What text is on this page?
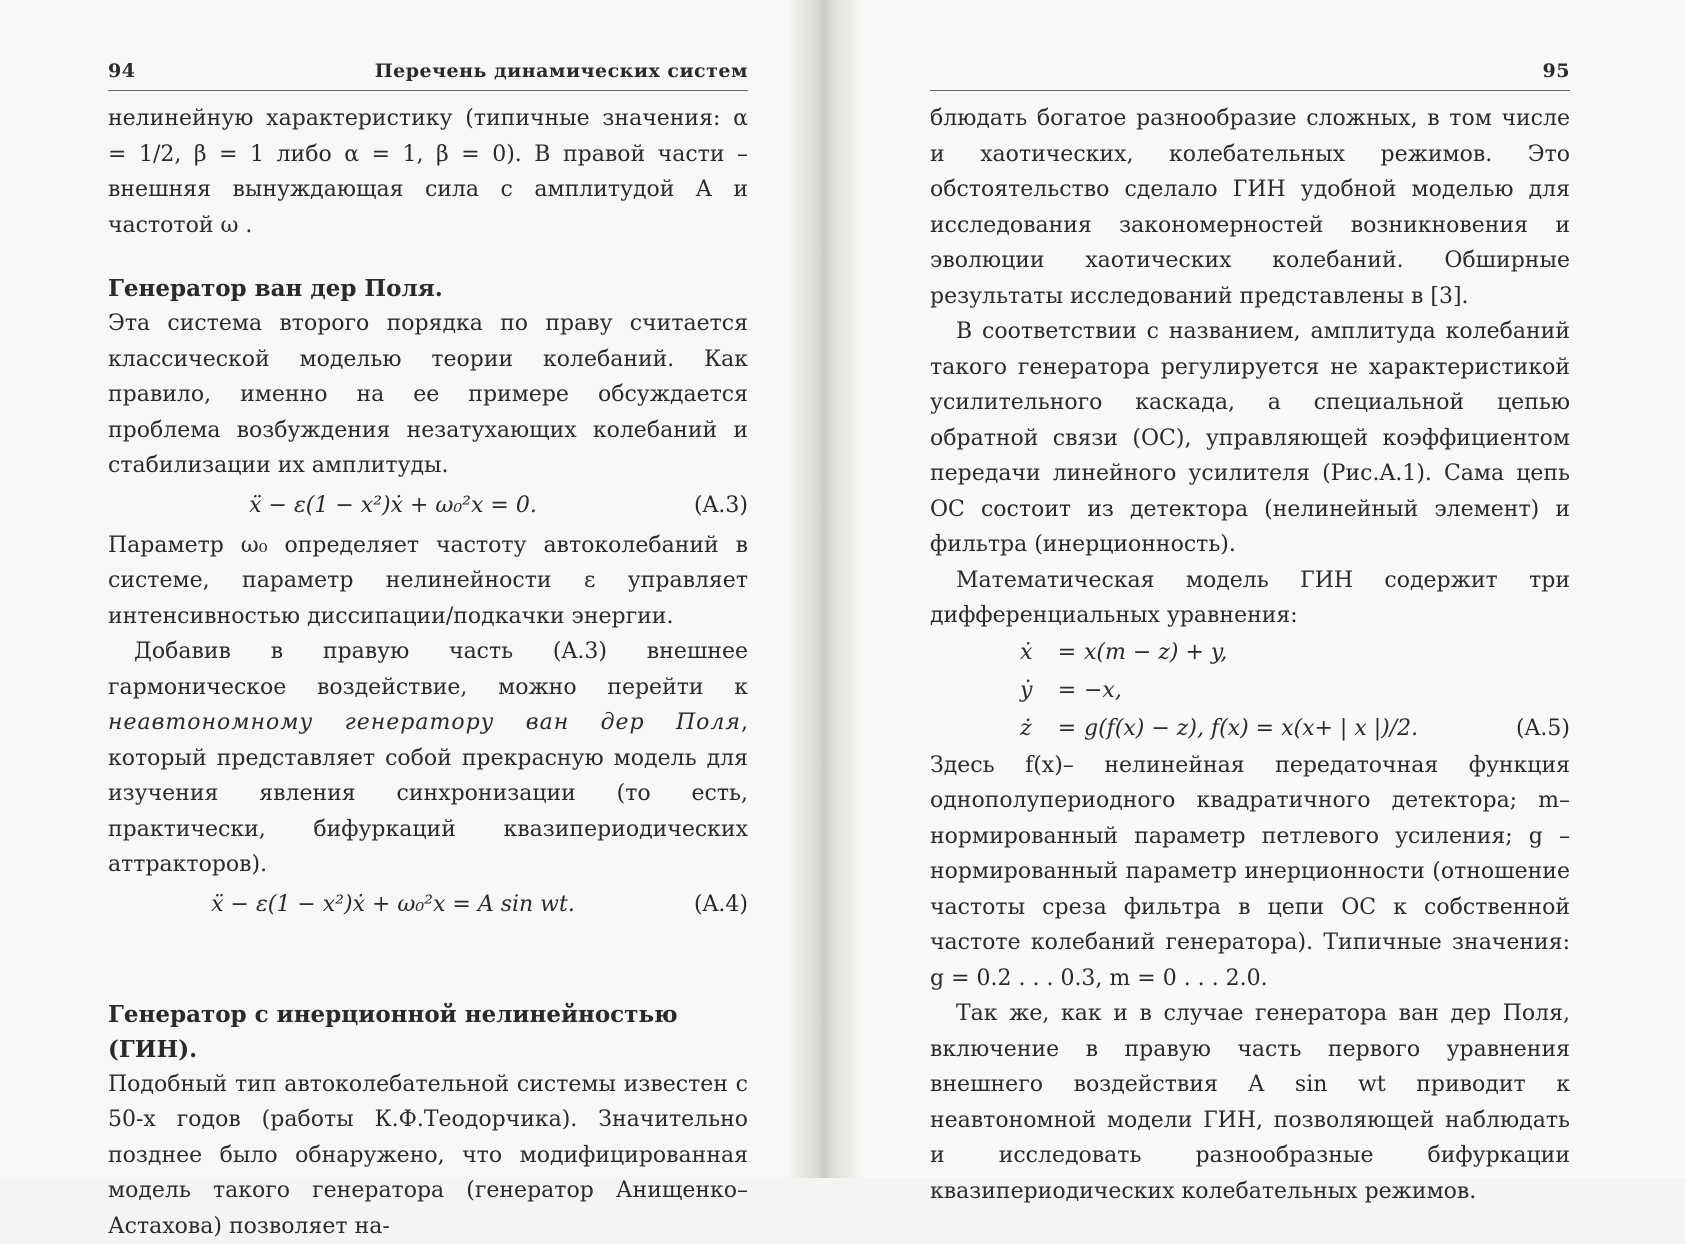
94	Перечень динамических систем

нелинейную характеристику (типичные значения: α = 1/2, β = 1 либо α = 1, β = 0). В правой части – внешняя вынуждающая сила с амплитудой A и частотой ω .

Генератор ван дер Поля.

Эта система второго порядка по праву считается классической моделью теории колебаний. Как правило, именно на ее примере обсуждается проблема возбуждения незатухающих колебаний и стабилизации их амплитуды.

ẍ − ε(1 − x²)ẋ + ω₀²x = 0.	(A.3)

Параметр ω₀ определяет частоту автоколебаний в системе, параметр нелинейности ε управляет интенсивностью диссипации/подкачки энергии.

Добавив в правую часть (A.3) внешнее гармоническое воздействие, можно перейти к неавтономному генератору ван дер Поля, который представляет собой прекрасную модель для изучения явления синхронизации (то есть, практически, бифуркаций квазипериодических аттракторов).

ẍ − ε(1 − x²)ẋ + ω₀²x = A sin wt.	(A.4)
Генератор с инерционной нелинейностью (ГИН).

Подобный тип автоколебательной системы известен с 50-х годов (работы К.Ф.Теодорчика). Значительно позднее было обнаружено, что модифицированная модель такого генератора (генератор Анищенко–Астахова) позволяет на-

95

блюдать богатое разнообразие сложных, в том числе и хаотических, колебательных режимов. Это обстоятельство сделало ГИН удобной моделью для исследования закономерностей возникновения и эволюции хаотических колебаний. Обширные результаты исследований представлены в [3].

В соответствии с названием, амплитуда колебаний такого генератора регулируется не характеристикой усилительного каскада, а специальной цепью обратной связи (ОС), управляющей коэффициентом передачи линейного усилителя (Рис.A.1). Сама цепь ОС состоит из детектора (нелинейный элемент) и фильтра (инерционность).

Математическая модель ГИН содержит три дифференциальных уравнения:

ẋ	= x(m − z) + y,
ẏ	= −x,
ż	= g(f(x) − z), f(x) = x(x+ | x |)/2.	(A.5)

Здесь f(x)– нелинейная передаточная функция однополупериодного квадратичного детектора; m– нормированный параметр петлевого усиления; g – нормированный параметр инерционности (отношение частоты среза фильтра в цепи ОС к собственной частоте колебаний генератора). Типичные значения: g = 0.2 . . . 0.3, m = 0 . . . 2.0.

Так же, как и в случае генератора ван дер Поля, включение в правую часть первого уравнения внешнего воздействия A sin wt приводит к неавтономной модели ГИН, позволяющей наблюдать и исследовать разнообразные бифуркации квазипериодических колебательных режимов.
